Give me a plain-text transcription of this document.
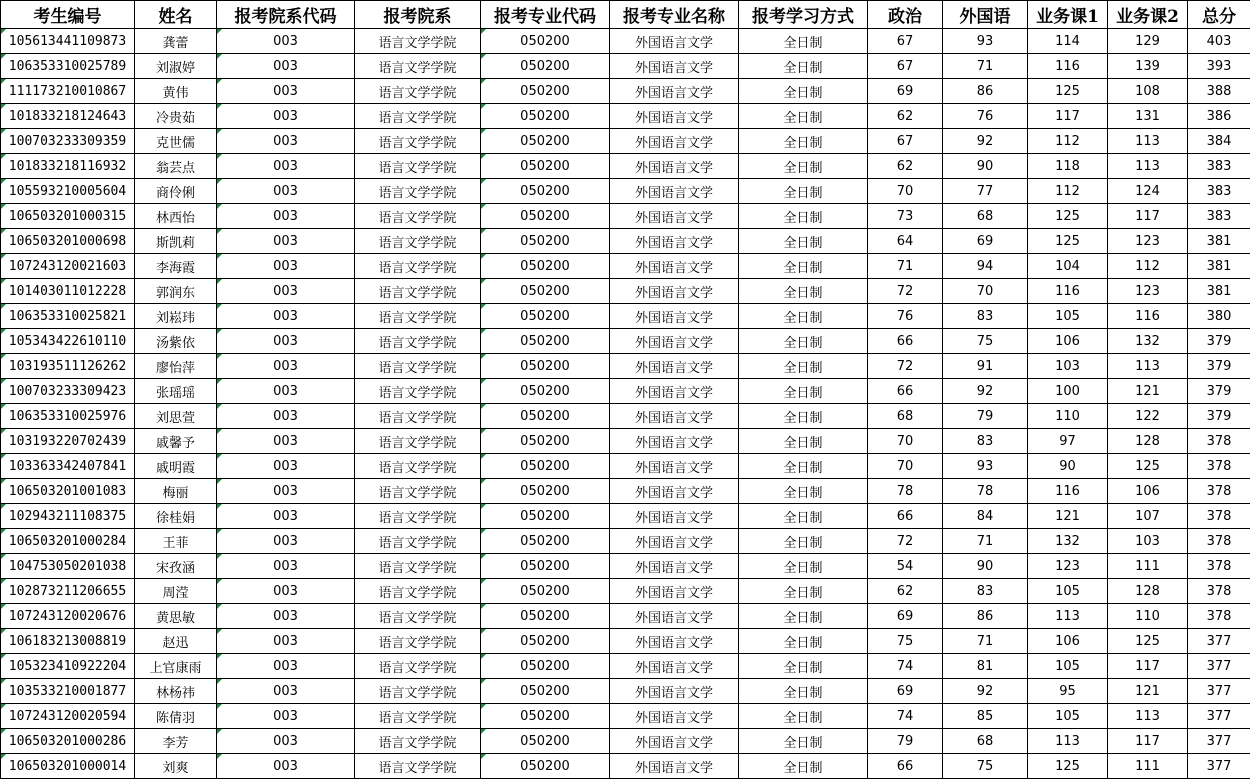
考生编号	姓名	报考院系代码	报考院系	报考专业代码	报考专业名称	报考学习方式	政治	外国语	业务课1	业务课2	总分
105613441109873	龚蕾	003	语言文学学院	050200	外国语言文学	全日制	67	93	114	129	403
106353310025789	刘淑婷	003	语言文学学院	050200	外国语言文学	全日制	67	71	116	139	393
111173210010867	黄伟	003	语言文学学院	050200	外国语言文学	全日制	69	86	125	108	388
101833218124643	冷贵茹	003	语言文学学院	050200	外国语言文学	全日制	62	76	117	131	386
100703233309359	克世儒	003	语言文学学院	050200	外国语言文学	全日制	67	92	112	113	384
101833218116932	翁芸点	003	语言文学学院	050200	外国语言文学	全日制	62	90	118	113	383
105593210005604	商伶俐	003	语言文学学院	050200	外国语言文学	全日制	70	77	112	124	383
106503201000315	林西怡	003	语言文学学院	050200	外国语言文学	全日制	73	68	125	117	383
106503201000698	斯凯莉	003	语言文学学院	050200	外国语言文学	全日制	64	69	125	123	381
107243120021603	李海霞	003	语言文学学院	050200	外国语言文学	全日制	71	94	104	112	381
101403011012228	郭润东	003	语言文学学院	050200	外国语言文学	全日制	72	70	116	123	381
106353310025821	刘崧玮	003	语言文学学院	050200	外国语言文学	全日制	76	83	105	116	380
105343422610110	汤紫依	003	语言文学学院	050200	外国语言文学	全日制	66	75	106	132	379
103193511126262	廖怡萍	003	语言文学学院	050200	外国语言文学	全日制	72	91	103	113	379
100703233309423	张瑶瑶	003	语言文学学院	050200	外国语言文学	全日制	66	92	100	121	379
106353310025976	刘思萱	003	语言文学学院	050200	外国语言文学	全日制	68	79	110	122	379
103193220702439	戚馨予	003	语言文学学院	050200	外国语言文学	全日制	70	83	97	128	378
103363342407841	戚明霞	003	语言文学学院	050200	外国语言文学	全日制	70	93	90	125	378
106503201001083	梅丽	003	语言文学学院	050200	外国语言文学	全日制	78	78	116	106	378
102943211108375	徐桂娟	003	语言文学学院	050200	外国语言文学	全日制	66	84	121	107	378
106503201000284	王菲	003	语言文学学院	050200	外国语言文学	全日制	72	71	132	103	378
104753050201038	宋孜涵	003	语言文学学院	050200	外国语言文学	全日制	54	90	123	111	378
102873211206655	周滢	003	语言文学学院	050200	外国语言文学	全日制	62	83	105	128	378
107243120020676	黄思敏	003	语言文学学院	050200	外国语言文学	全日制	69	86	113	110	378
106183213008819	赵迅	003	语言文学学院	050200	外国语言文学	全日制	75	71	106	125	377
105323410922204	上官康雨	003	语言文学学院	050200	外国语言文学	全日制	74	81	105	117	377
103533210001877	林杨祎	003	语言文学学院	050200	外国语言文学	全日制	69	92	95	121	377
107243120020594	陈倩羽	003	语言文学学院	050200	外国语言文学	全日制	74	85	105	113	377
106503201000286	李芳	003	语言文学学院	050200	外国语言文学	全日制	79	68	113	117	377
106503201000014	刘爽	003	语言文学学院	050200	外国语言文学	全日制	66	75	125	111	377
